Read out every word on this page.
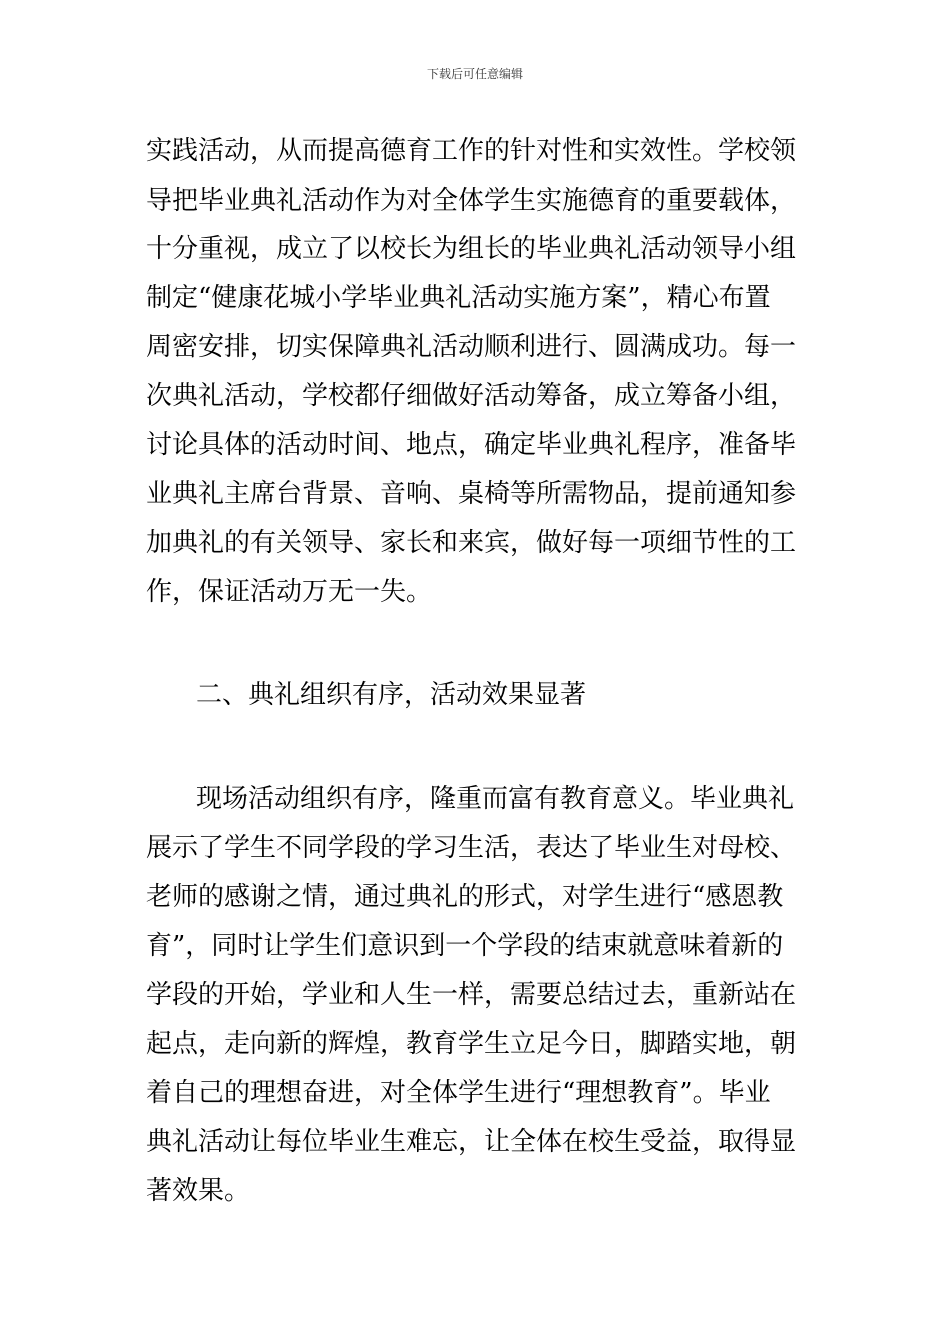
下载后可任意编辑
实践活动，从而提高德育工作的针对性和实效性。学校领
导把毕业典礼活动作为对全体学生实施德育的重要载体，
十分重视，成立了以校长为组长的毕业典礼活动领导小组
制定“健康花城小学毕业典礼活动实施方案”，精心布置
周密安排，切实保障典礼活动顺利进行、圆满成功。每一
次典礼活动，学校都仔细做好活动筹备，成立筹备小组，
讨论具体的活动时间、地点，确定毕业典礼程序，准备毕
业典礼主席台背景、音响、桌椅等所需物品，提前通知参
加典礼的有关领导、家长和来宾，做好每一项细节性的工
作，保证活动万无一失。
二、典礼组织有序，活动效果显著
现场活动组织有序，隆重而富有教育意义。毕业典礼
展示了学生不同学段的学习生活，表达了毕业生对母校、
老师的感谢之情，通过典礼的形式，对学生进行“感恩教
育”，同时让学生们意识到一个学段的结束就意味着新的
学段的开始，学业和人生一样，需要总结过去，重新站在
起点，走向新的辉煌，教育学生立足今日，脚踏实地，朝
着自己的理想奋进，对全体学生进行“理想教育”。毕业
典礼活动让每位毕业生难忘，让全体在校生受益，取得显
著效果。
